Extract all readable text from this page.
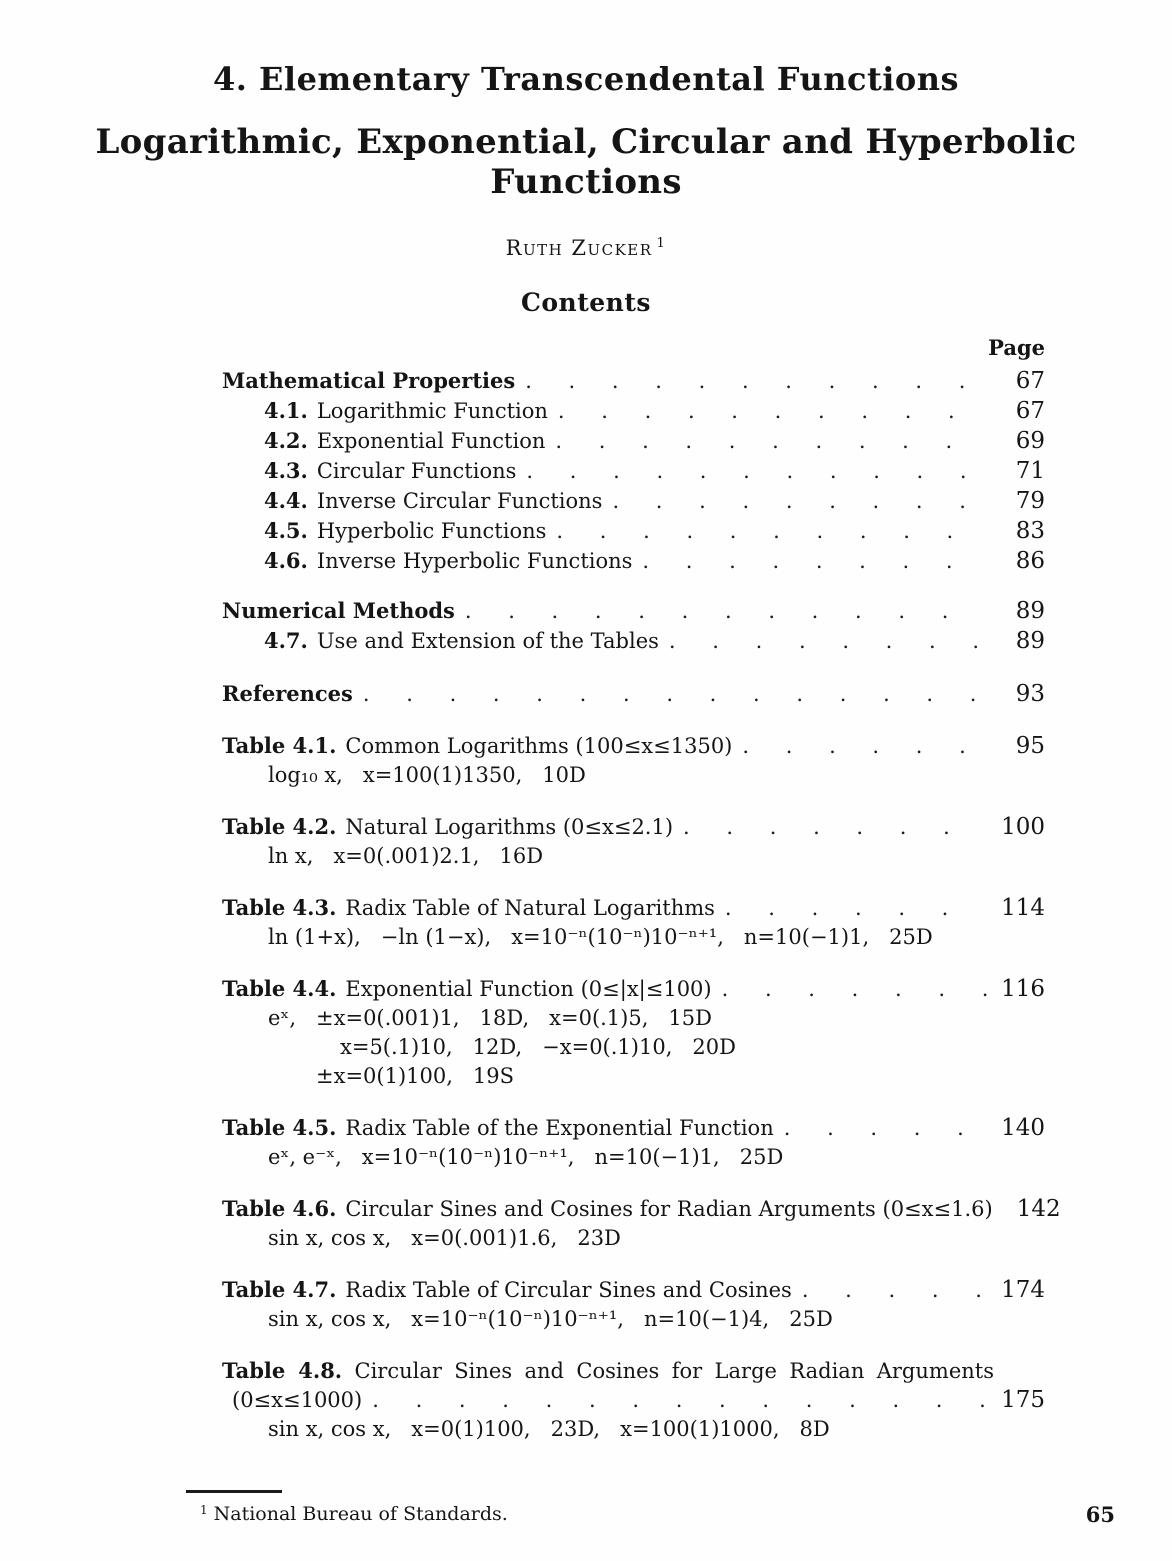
4. Elementary Transcendental Functions
Logarithmic, Exponential, Circular and Hyperbolic Functions
Ruth Zucker $^1$
Contents
Page
Mathematical Properties . . .	67
4.1. Logarithmic Function . . .	67
4.2. Exponential Function . . .	69
4.3. Circular Functions . . .	71
4.4. Inverse Circular Functions . . .	79
4.5. Hyperbolic Functions . . .	83
4.6. Inverse Hyperbolic Functions . . .	86
Numerical Methods . . .	89
4.7. Use and Extension of the Tables . . .	89
References . . .	93
Table 4.1. Common Logarithms (100≤x≤1350) . . .	95
log₁₀ x,   x=100(1)1350,   10D
Table 4.2. Natural Logarithms (0≤x≤2.1) . . .	100
ln x,   x=0(.001)2.1,   16D
Table 4.3. Radix Table of Natural Logarithms . . .	114
ln (1+x),   −ln (1−x),   x=10⁻ⁿ(10⁻ⁿ)10⁻ⁿ⁺¹,   n=10(−1)1,   25D
Table 4.4. Exponential Function (0≤|x|≤100) . . .	116
eˣ,   ±x=0(.001)1,   18D,   x=0(.1)5,   15D
x=5(.1)10,   12D,   −x=0(.1)10,   20D
±x=0(1)100,   19S
Table 4.5. Radix Table of the Exponential Function . . .	140
eˣ, e⁻ˣ,   x=10⁻ⁿ(10⁻ⁿ)10⁻ⁿ⁺¹,   n=10(−1)1,   25D
Table 4.6. Circular Sines and Cosines for Radian Arguments (0≤x≤1.6)	142
sin x, cos x,   x=0(.001)1.6,   23D
Table 4.7. Radix Table of Circular Sines and Cosines . . .	174
sin x, cos x,   x=10⁻ⁿ(10⁻ⁿ)10⁻ⁿ⁺¹,   n=10(−1)4,   25D
Table 4.8. Circular Sines and Cosines for Large Radian Arguments
(0≤x≤1000) . . .	175
sin x, cos x,   x=0(1)100,   23D,   x=100(1)1000,   8D
$^1$ National Bureau of Standards.	65
